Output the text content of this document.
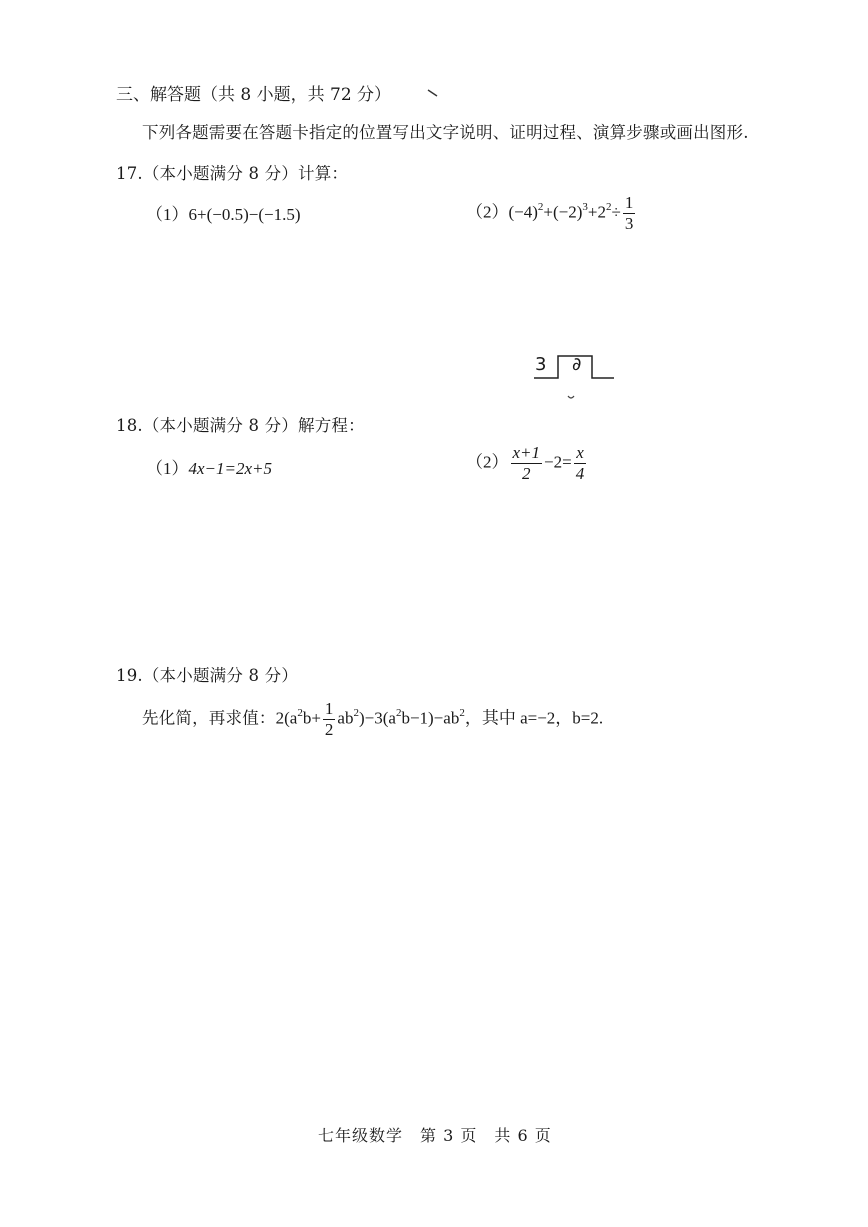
三、解答题（共 8 小题，共 72 分）
下列各题需要在答题卡指定的位置写出文字说明、证明过程、演算步骤或画出图形.
17.（本小题满分 8 分）计算：
（1）6+(−0.5)−(−1.5)	$(2)(-4)^2+(-2)^3+2^2\div \frac{1}{3}$
3 ∂
18.（本小题满分 8 分）解方程：
（1）4x−1=2x+5	$(2) \frac{x+1}{2} -2= \frac{x}{4}$
19.（本小题满分 8 分）
先化简，再求值：$2(a^2b+ \frac{1}{2} ab^2)-3(a^2b-1)-ab^2$，其中 a=−2，b=2.
七年级数学　第 3 页　共 6 页
